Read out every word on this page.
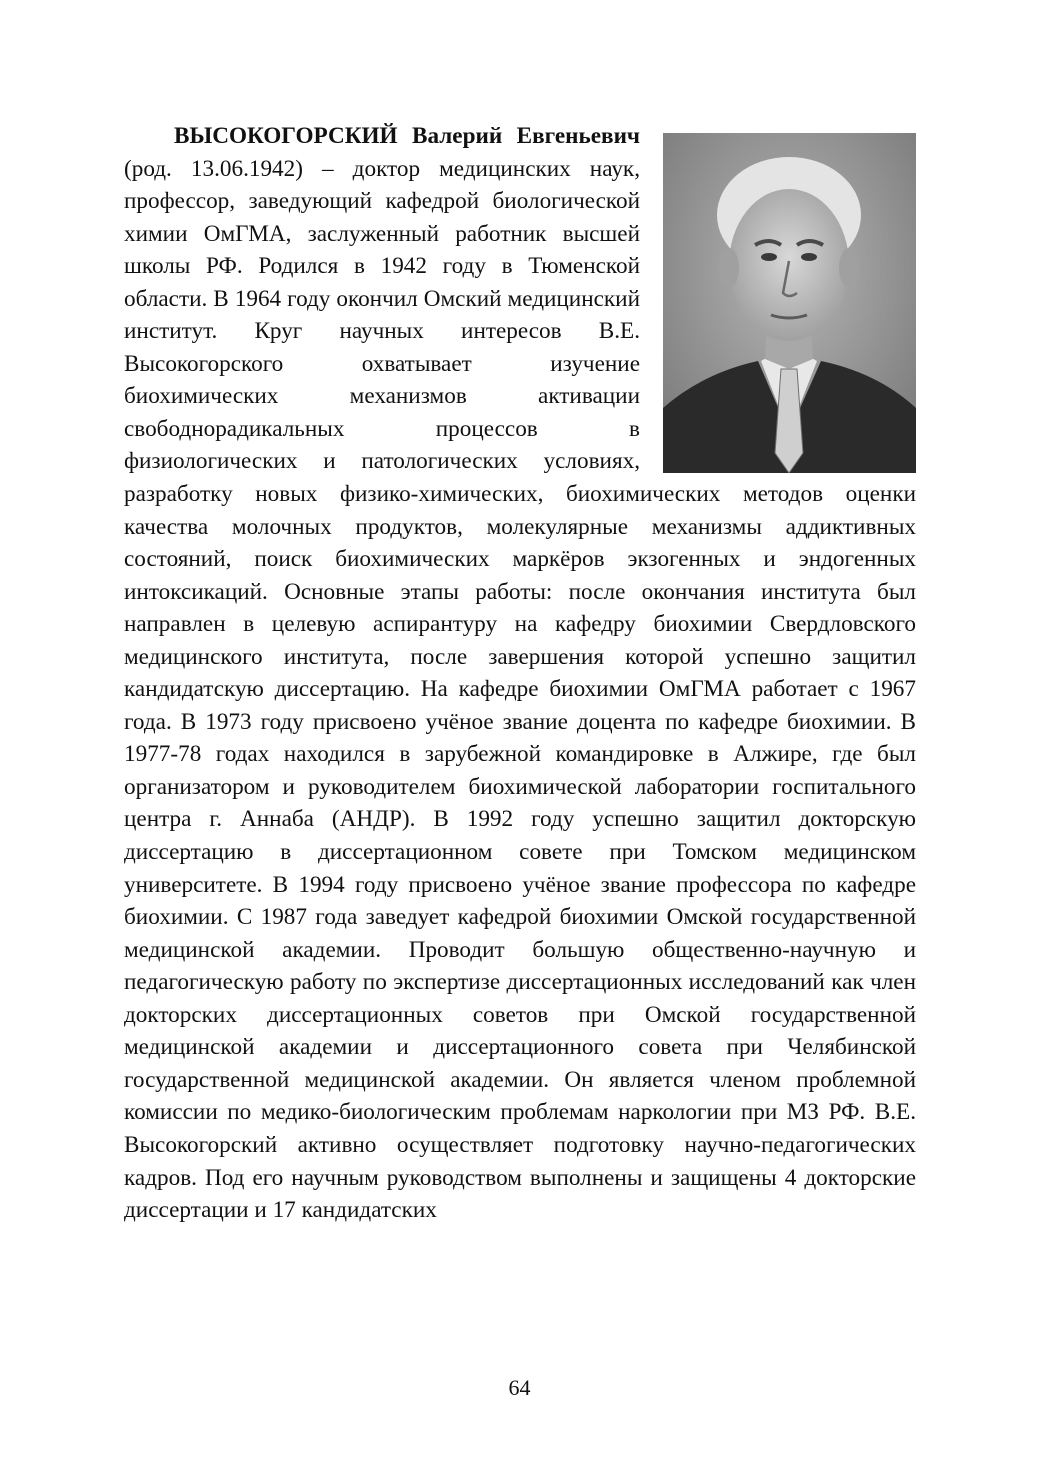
ВЫСОКОГОРСКИЙ Валерий Евгеньевич (род. 13.06.1942) – доктор медицинских наук, профессор, заведующий кафедрой биологической химии ОмГМА, заслуженный работник высшей школы РФ. Родился в 1942 году в Тюменской области. В 1964 году окончил Омский медицинский институт. Круг научных интересов В.Е. Высокогорского охватывает изучение биохимических механизмов активации свободнорадикальных процессов в физиологических и патологических условиях, разработку новых физико-химических, биохимических методов оценки качества молочных продуктов, молекулярные механизмы аддиктивных состояний, поиск биохимических маркёров экзогенных и эндогенных интоксикаций. Основные этапы работы: после окончания института был направлен в целевую аспирантуру на кафедру биохимии Свердловского медицинского института, после завершения которой успешно защитил кандидатскую диссертацию. На кафедре биохимии ОмГМА работает с 1967 года. В 1973 году присвоено учёное звание доцента по кафедре биохимии. В 1977-78 годах находился в зарубежной командировке в Алжире, где был организатором и руководителем биохимической лаборатории госпитального центра г. Аннаба (АНДР). В 1992 году успешно защитил докторскую диссертацию в диссертационном совете при Томском медицинском университете. В 1994 году присвоено учёное звание профессора по кафедре биохимии. С 1987 года заведует кафедрой биохимии Омской государственной медицинской академии. Проводит большую общественно-научную и педагогическую работу по экспертизе диссертационных исследований как член докторских диссертационных советов при Омской государственной медицинской академии и диссертационного совета при Челябинской государственной медицинской академии. Он является членом проблемной комиссии по медико-биологическим проблемам наркологии при МЗ РФ. В.Е. Высокогорский активно осуществляет подготовку научно-педагогических кадров. Под его научным руководством выполнены и защищены 4 докторские диссертации и 17 кандидатских

64
